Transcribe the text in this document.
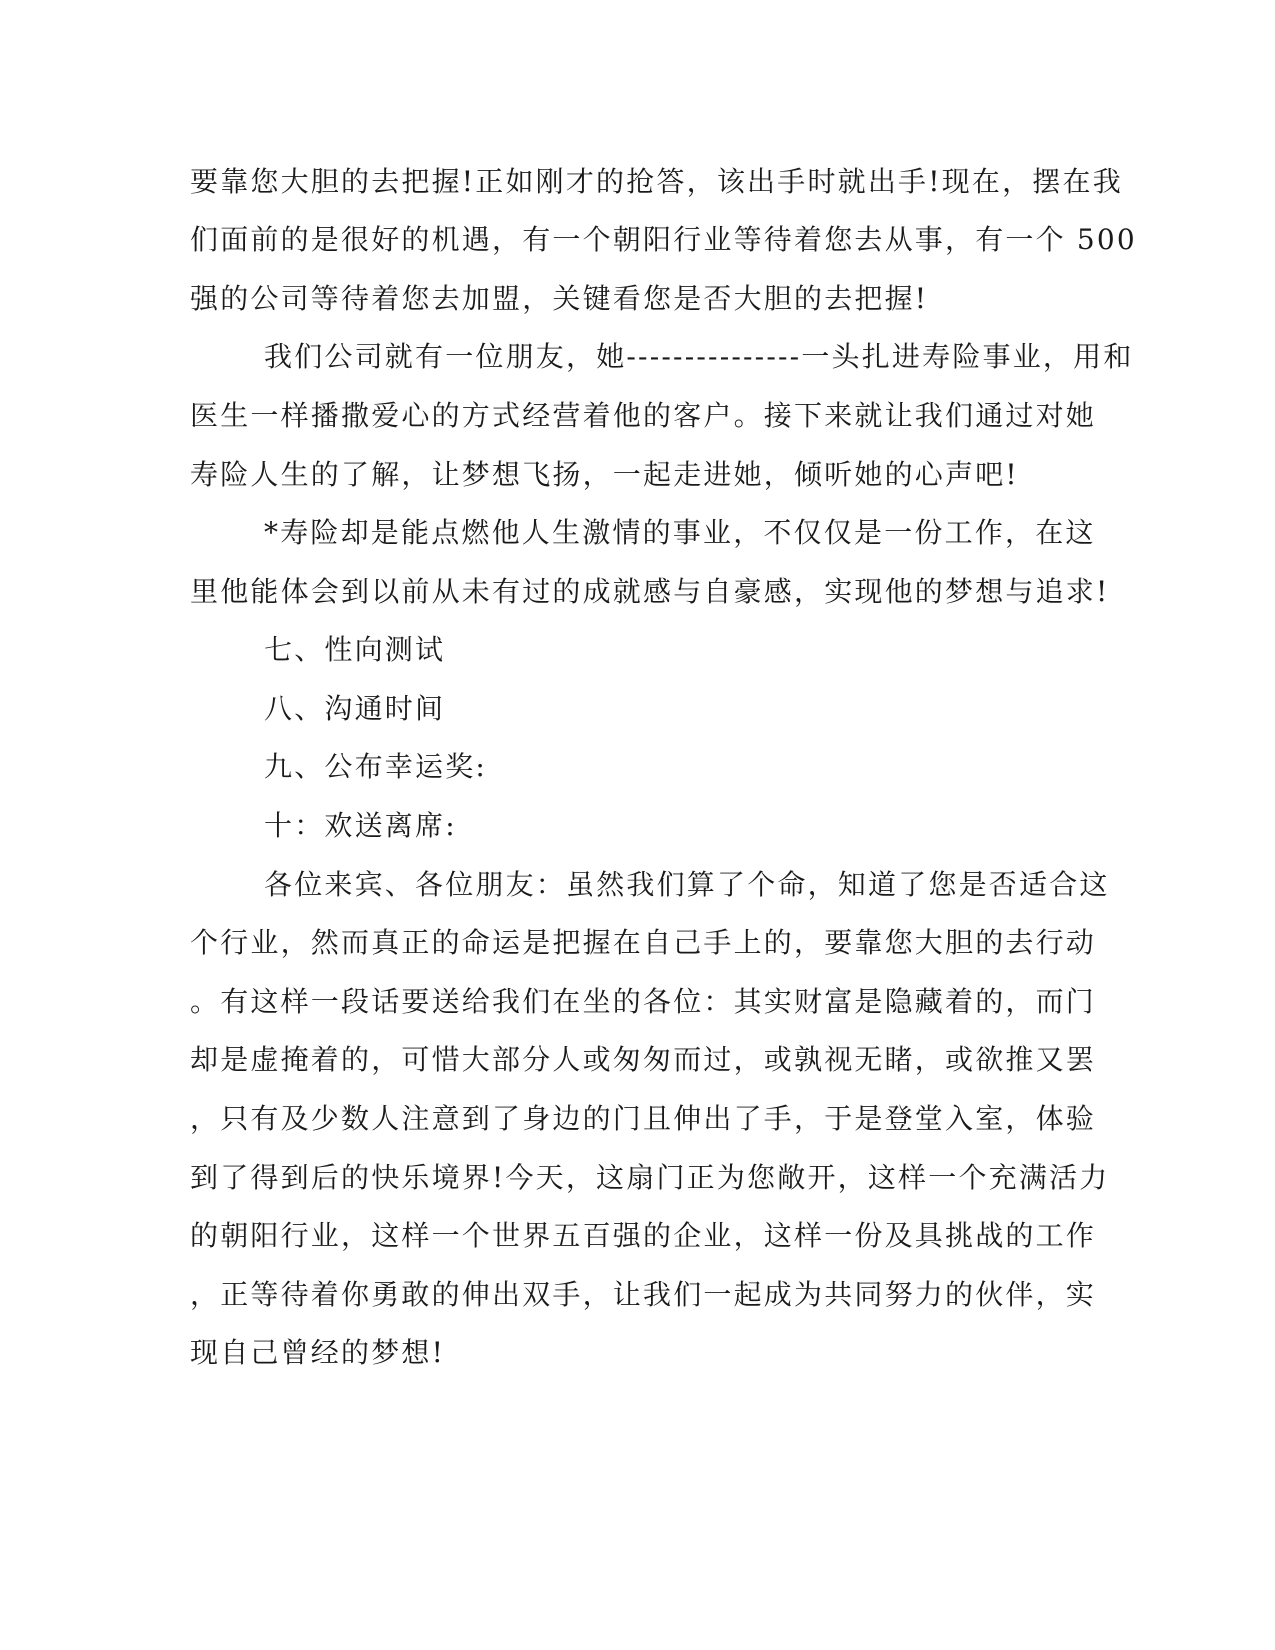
要靠您大胆的去把握!正如刚才的抢答，该出手时就出手!现在，摆在我
们面前的是很好的机遇，有一个朝阳行业等待着您去从事，有一个 500
强的公司等待着您去加盟，关键看您是否大胆的去把握!
我们公司就有一位朋友，她---------------一头扎进寿险事业，用和
医生一样播撒爱心的方式经营着他的客户。接下来就让我们通过对她
寿险人生的了解，让梦想飞扬，一起走进她，倾听她的心声吧!
*寿险却是能点燃他人生激情的事业，不仅仅是一份工作，在这
里他能体会到以前从未有过的成就感与自豪感，实现他的梦想与追求!
七、性向测试
八、沟通时间
九、公布幸运奖:
十：欢送离席:
各位来宾、各位朋友：虽然我们算了个命，知道了您是否适合这
个行业，然而真正的命运是把握在自己手上的，要靠您大胆的去行动
。有这样一段话要送给我们在坐的各位：其实财富是隐藏着的，而门
却是虚掩着的，可惜大部分人或匆匆而过，或孰视无睹，或欲推又罢
，只有及少数人注意到了身边的门且伸出了手，于是登堂入室，体验
到了得到后的快乐境界!今天，这扇门正为您敞开，这样一个充满活力
的朝阳行业，这样一个世界五百强的企业，这样一份及具挑战的工作
，正等待着你勇敢的伸出双手，让我们一起成为共同努力的伙伴，实
现自己曾经的梦想!
